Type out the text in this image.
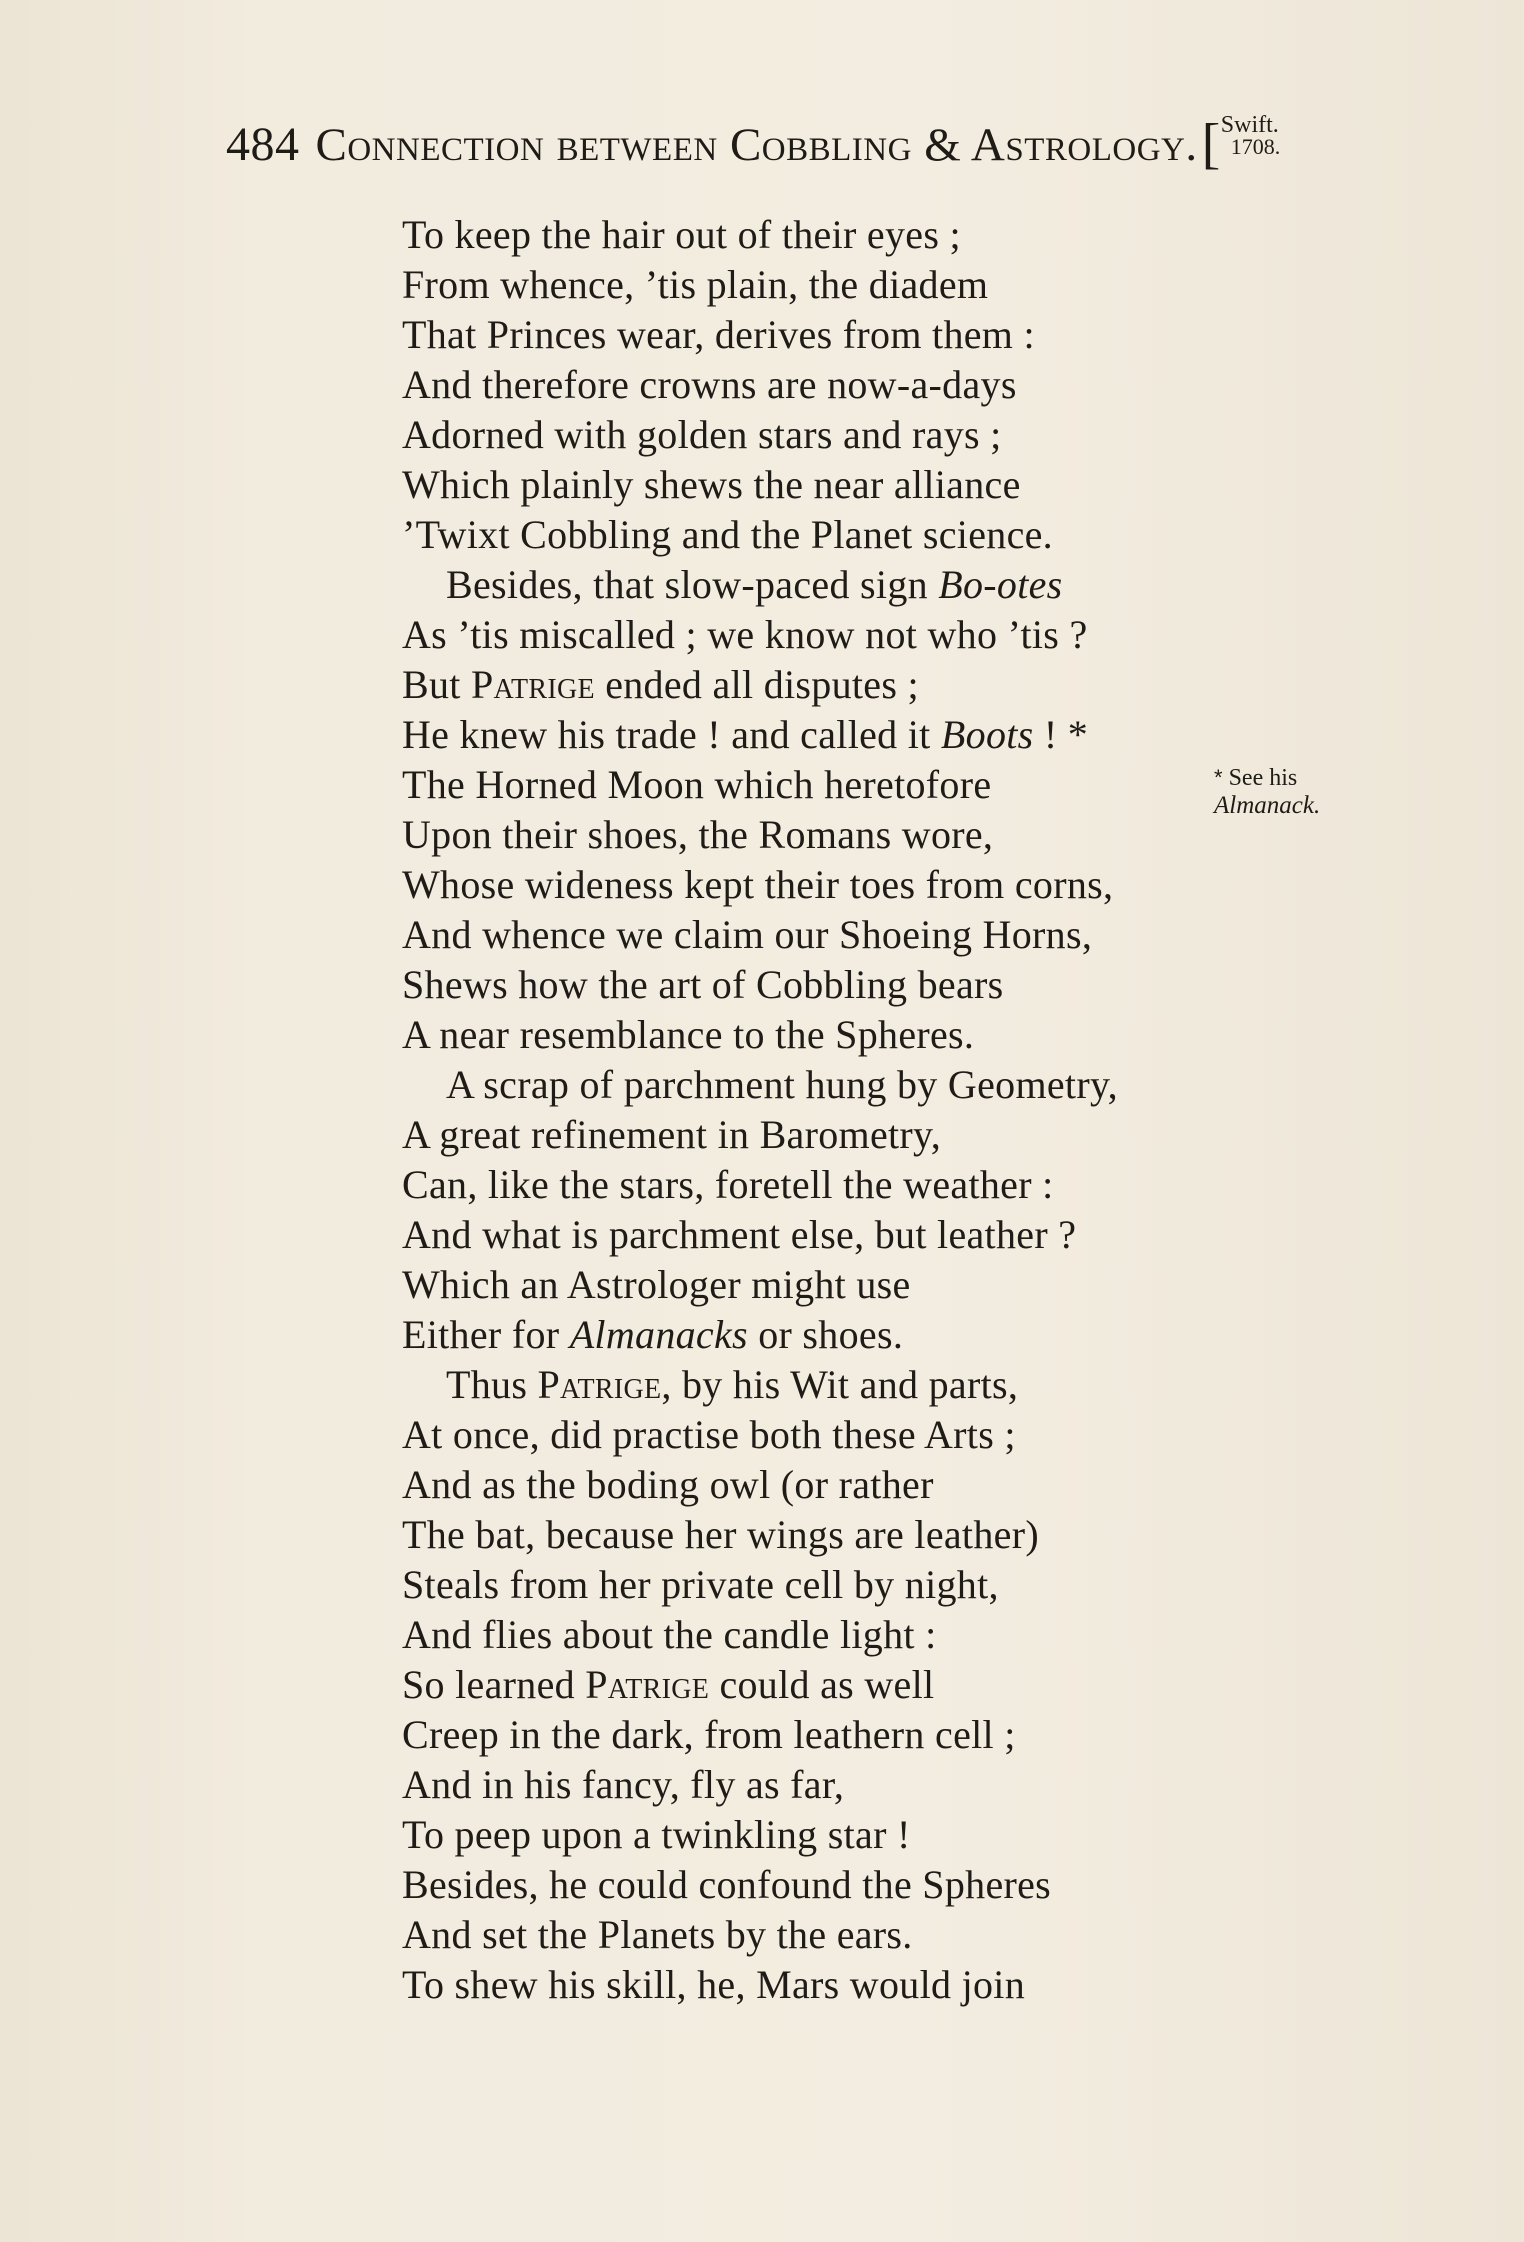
484 Connection between Cobbling & Astrology.[ Swift.
1708.
To keep the hair out of their eyes ;
From whence, ’tis plain, the diadem
That Princes wear, derives from them :
And therefore crowns are now-a-days
Adorned with golden stars and rays ;
Which plainly shews the near alliance
’Twixt Cobbling and the Planet science.
Besides, that slow-paced sign Bo-otes
As ’tis miscalled ; we know not who ’tis ?
But Patrige ended all disputes ;
He knew his trade ! and called it Boots ! *
The Horned Moon which heretofore
Upon their shoes, the Romans wore,
Whose wideness kept their toes from corns,
And whence we claim our Shoeing Horns,
Shews how the art of Cobbling bears
A near resemblance to the Spheres.
A scrap of parchment hung by Geometry,
A great refinement in Barometry,
Can, like the stars, foretell the weather :
And what is parchment else, but leather ?
Which an Astrologer might use
Either for Almanacks or shoes.
Thus Patrige, by his Wit and parts,
At once, did practise both these Arts ;
And as the boding owl (or rather
The bat, because her wings are leather)
Steals from her private cell by night,
And flies about the candle light :
So learned Patrige could as well
Creep in the dark, from leathern cell ;
And in his fancy, fly as far,
To peep upon a twinkling star !
Besides, he could confound the Spheres
And set the Planets by the ears.
To shew his skill, he, Mars would join
* See his
Almanack.
